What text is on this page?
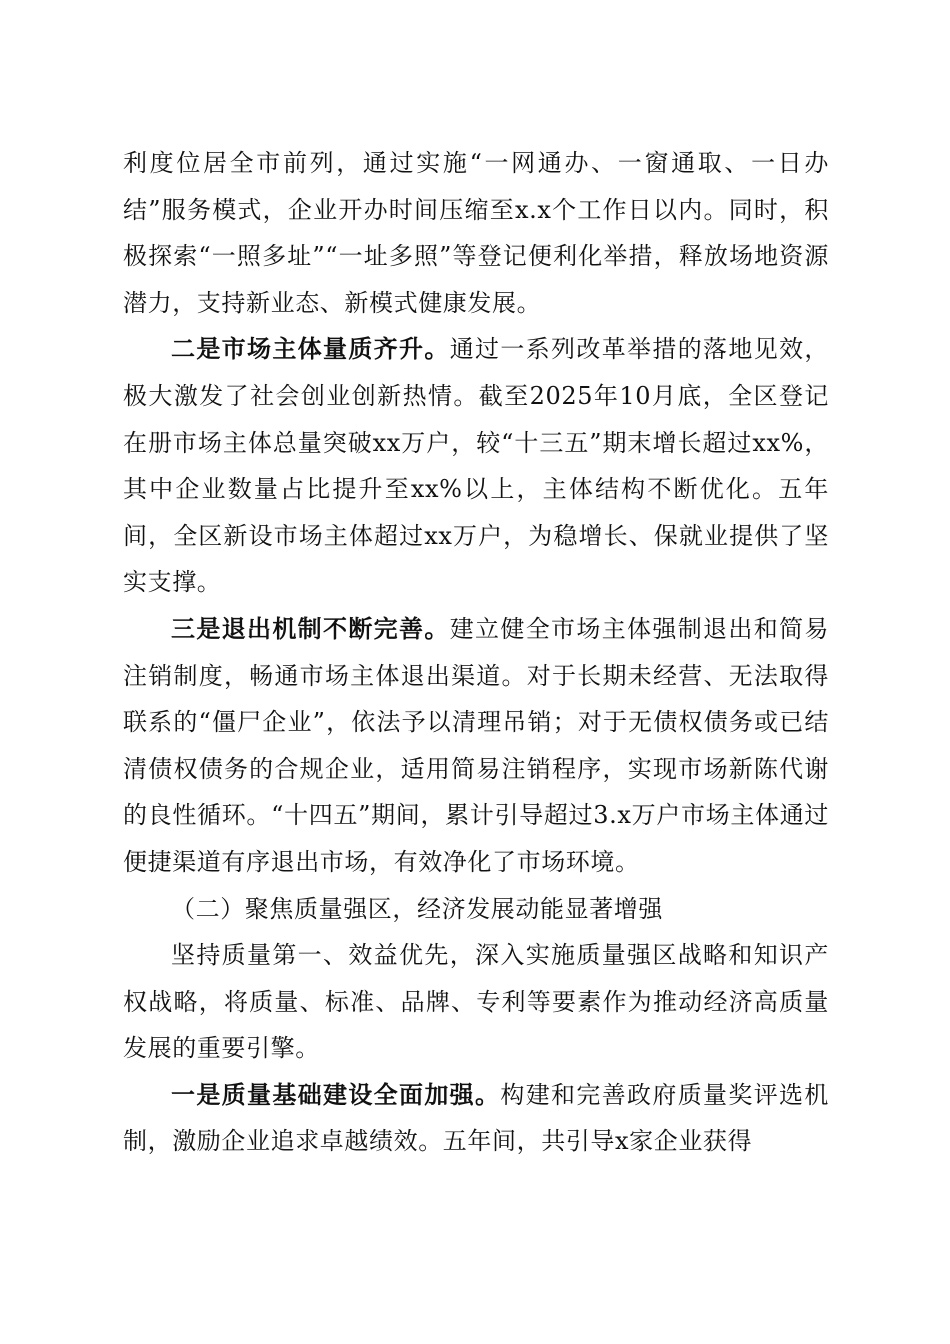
利度位居全市前列，通过实施“一网通办、一窗通取、一日办结”服务模式，企业开办时间压缩至x.x个工作日以内。同时，积极探索“一照多址”“一址多照”等登记便利化举措，释放场地资源潜力，支持新业态、新模式健康发展。

二是市场主体量质齐升。通过一系列改革举措的落地见效，极大激发了社会创业创新热情。截至2025年10月底，全区登记在册市场主体总量突破xx万户，较“十三五”期末增长超过xx%，其中企业数量占比提升至xx%以上，主体结构不断优化。五年间，全区新设市场主体超过xx万户，为稳增长、保就业提供了坚实支撑。

三是退出机制不断完善。建立健全市场主体强制退出和简易注销制度，畅通市场主体退出渠道。对于长期未经营、无法取得联系的“僵尸企业”，依法予以清理吊销；对于无债权债务或已结清债权债务的合规企业，适用简易注销程序，实现市场新陈代谢的良性循环。“十四五”期间，累计引导超过3.x万户市场主体通过便捷渠道有序退出市场，有效净化了市场环境。

（二）聚焦质量强区，经济发展动能显著增强

坚持质量第一、效益优先，深入实施质量强区战略和知识产权战略，将质量、标准、品牌、专利等要素作为推动经济高质量发展的重要引擎。

一是质量基础建设全面加强。构建和完善政府质量奖评选机制，激励企业追求卓越绩效。五年间，共引导x家企业获得
